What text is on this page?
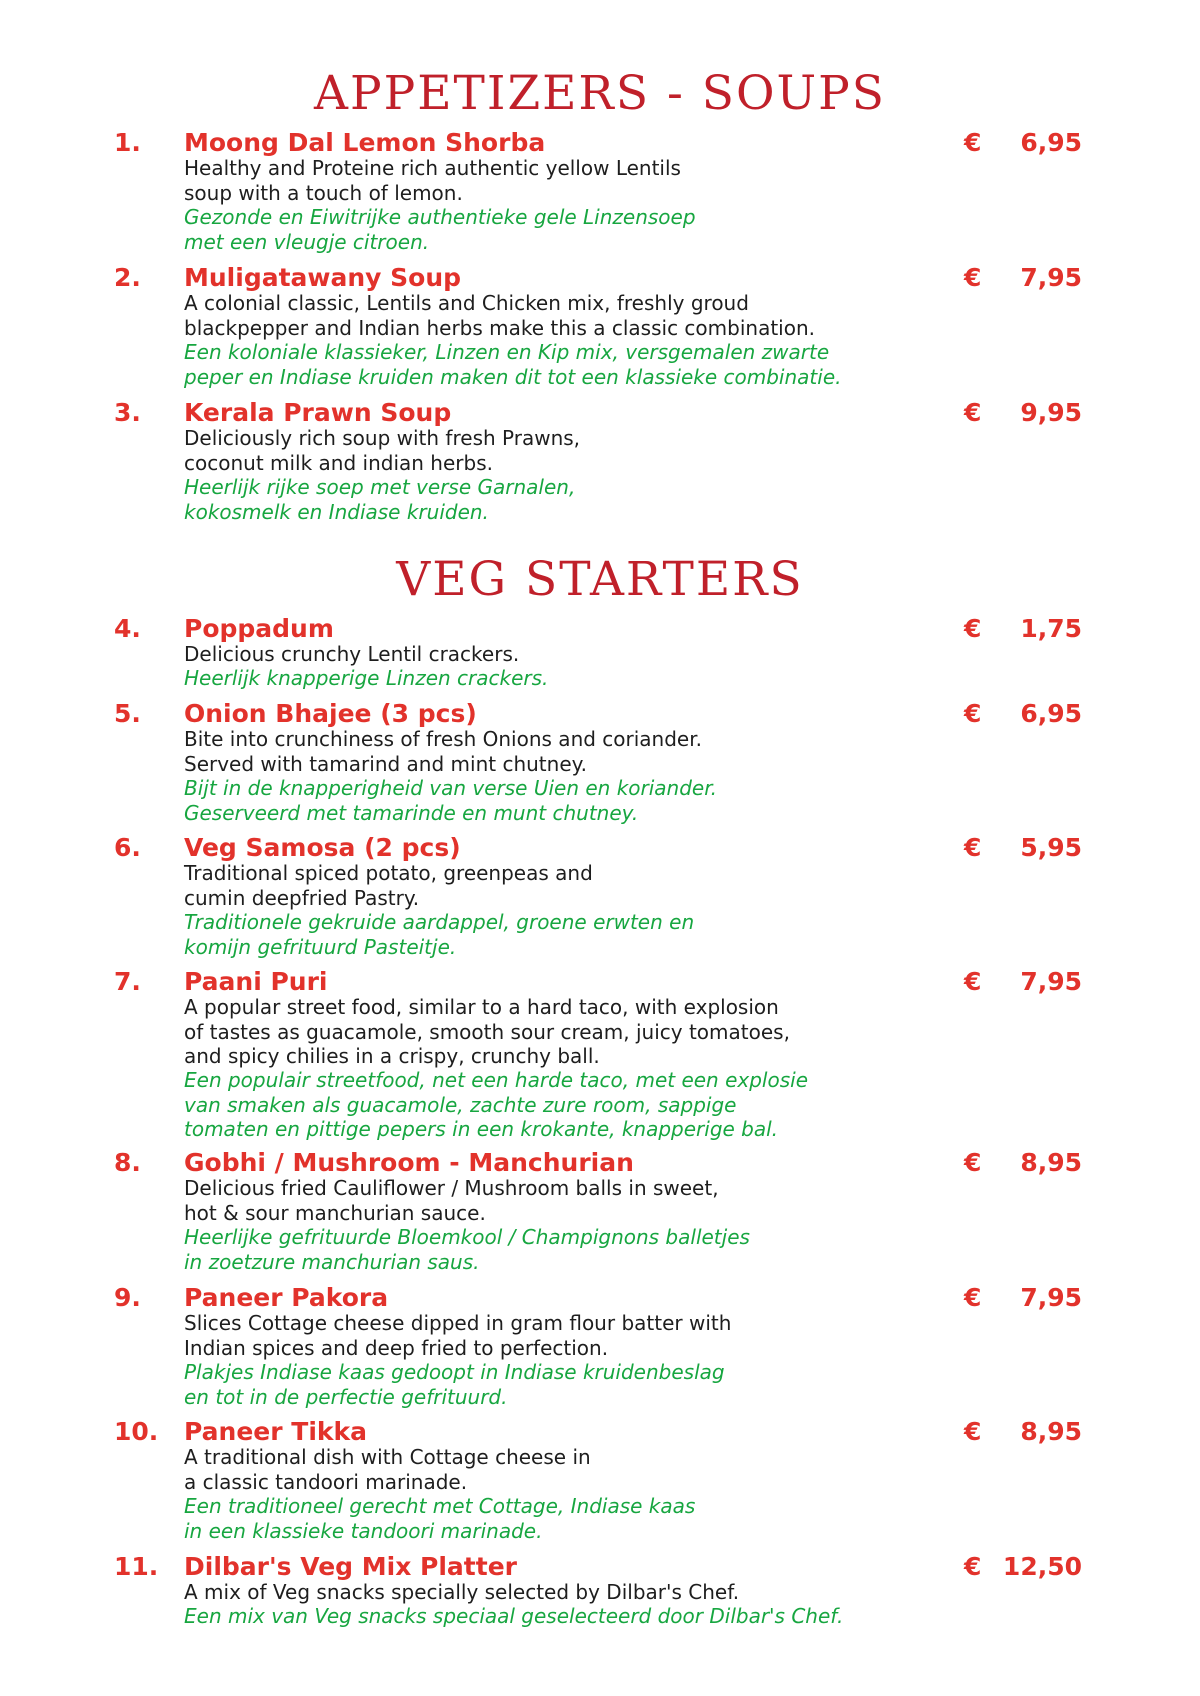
APPETIZERS - SOUPS
1. Moong Dal Lemon Shorba	€ 6,95
Healthy and Proteine rich authentic yellow Lentils
soup with a touch of lemon.
Gezonde en Eiwitrijke authentieke gele Linzensoep
met een vleugje citroen.
2. Muligatawany Soup	€ 7,95
A colonial classic, Lentils and Chicken mix, freshly groud
blackpepper and Indian herbs make this a classic combination.
Een koloniale klassieker, Linzen en Kip mix, versgemalen zwarte
peper en Indiase kruiden maken dit tot een klassieke combinatie.
3. Kerala Prawn Soup	€ 9,95
Deliciously rich soup with fresh Prawns,
coconut milk and indian herbs.
Heerlijk rijke soep met verse Garnalen,
kokosmelk en Indiase kruiden.
VEG STARTERS
4. Poppadum	€ 1,75
Delicious crunchy Lentil crackers.
Heerlijk knapperige Linzen crackers.
5. Onion Bhajee (3 pcs)	€ 6,95
Bite into crunchiness of fresh Onions and coriander.
Served with tamarind and mint chutney.
Bijt in de knapperigheid van verse Uien en koriander.
Geserveerd met tamarinde en munt chutney.
6. Veg Samosa (2 pcs)	€ 5,95
Traditional spiced potato, greenpeas and
cumin deepfried Pastry.
Traditionele gekruide aardappel, groene erwten en
komijn gefrituurd Pasteitje.
7. Paani Puri	€ 7,95
A popular street food, similar to a hard taco, with explosion
of tastes as guacamole, smooth sour cream, juicy tomatoes,
and spicy chilies in a crispy, crunchy ball.
Een populair streetfood, net een harde taco, met een explosie
van smaken als guacamole, zachte zure room, sappige
tomaten en pittige pepers in een krokante, knapperige bal.
8. Gobhi / Mushroom - Manchurian	€ 8,95
Delicious fried Cauliflower / Mushroom balls in sweet,
hot & sour manchurian sauce.
Heerlijke gefrituurde Bloemkool / Champignons balletjes
in zoetzure manchurian saus.
9. Paneer Pakora	€ 7,95
Slices Cottage cheese dipped in gram flour batter with
Indian spices and deep fried to perfection.
Plakjes Indiase kaas gedoopt in Indiase kruidenbeslag
en tot in de perfectie gefrituurd.
10. Paneer Tikka	€ 8,95
A traditional dish with Cottage cheese in
a classic tandoori marinade.
Een traditioneel gerecht met Cottage, Indiase kaas
in een klassieke tandoori marinade.
11. Dilbar's Veg Mix Platter	€ 12,50
A mix of Veg snacks specially selected by Dilbar's Chef.
Een mix van Veg snacks speciaal geselecteerd door Dilbar's Chef.
